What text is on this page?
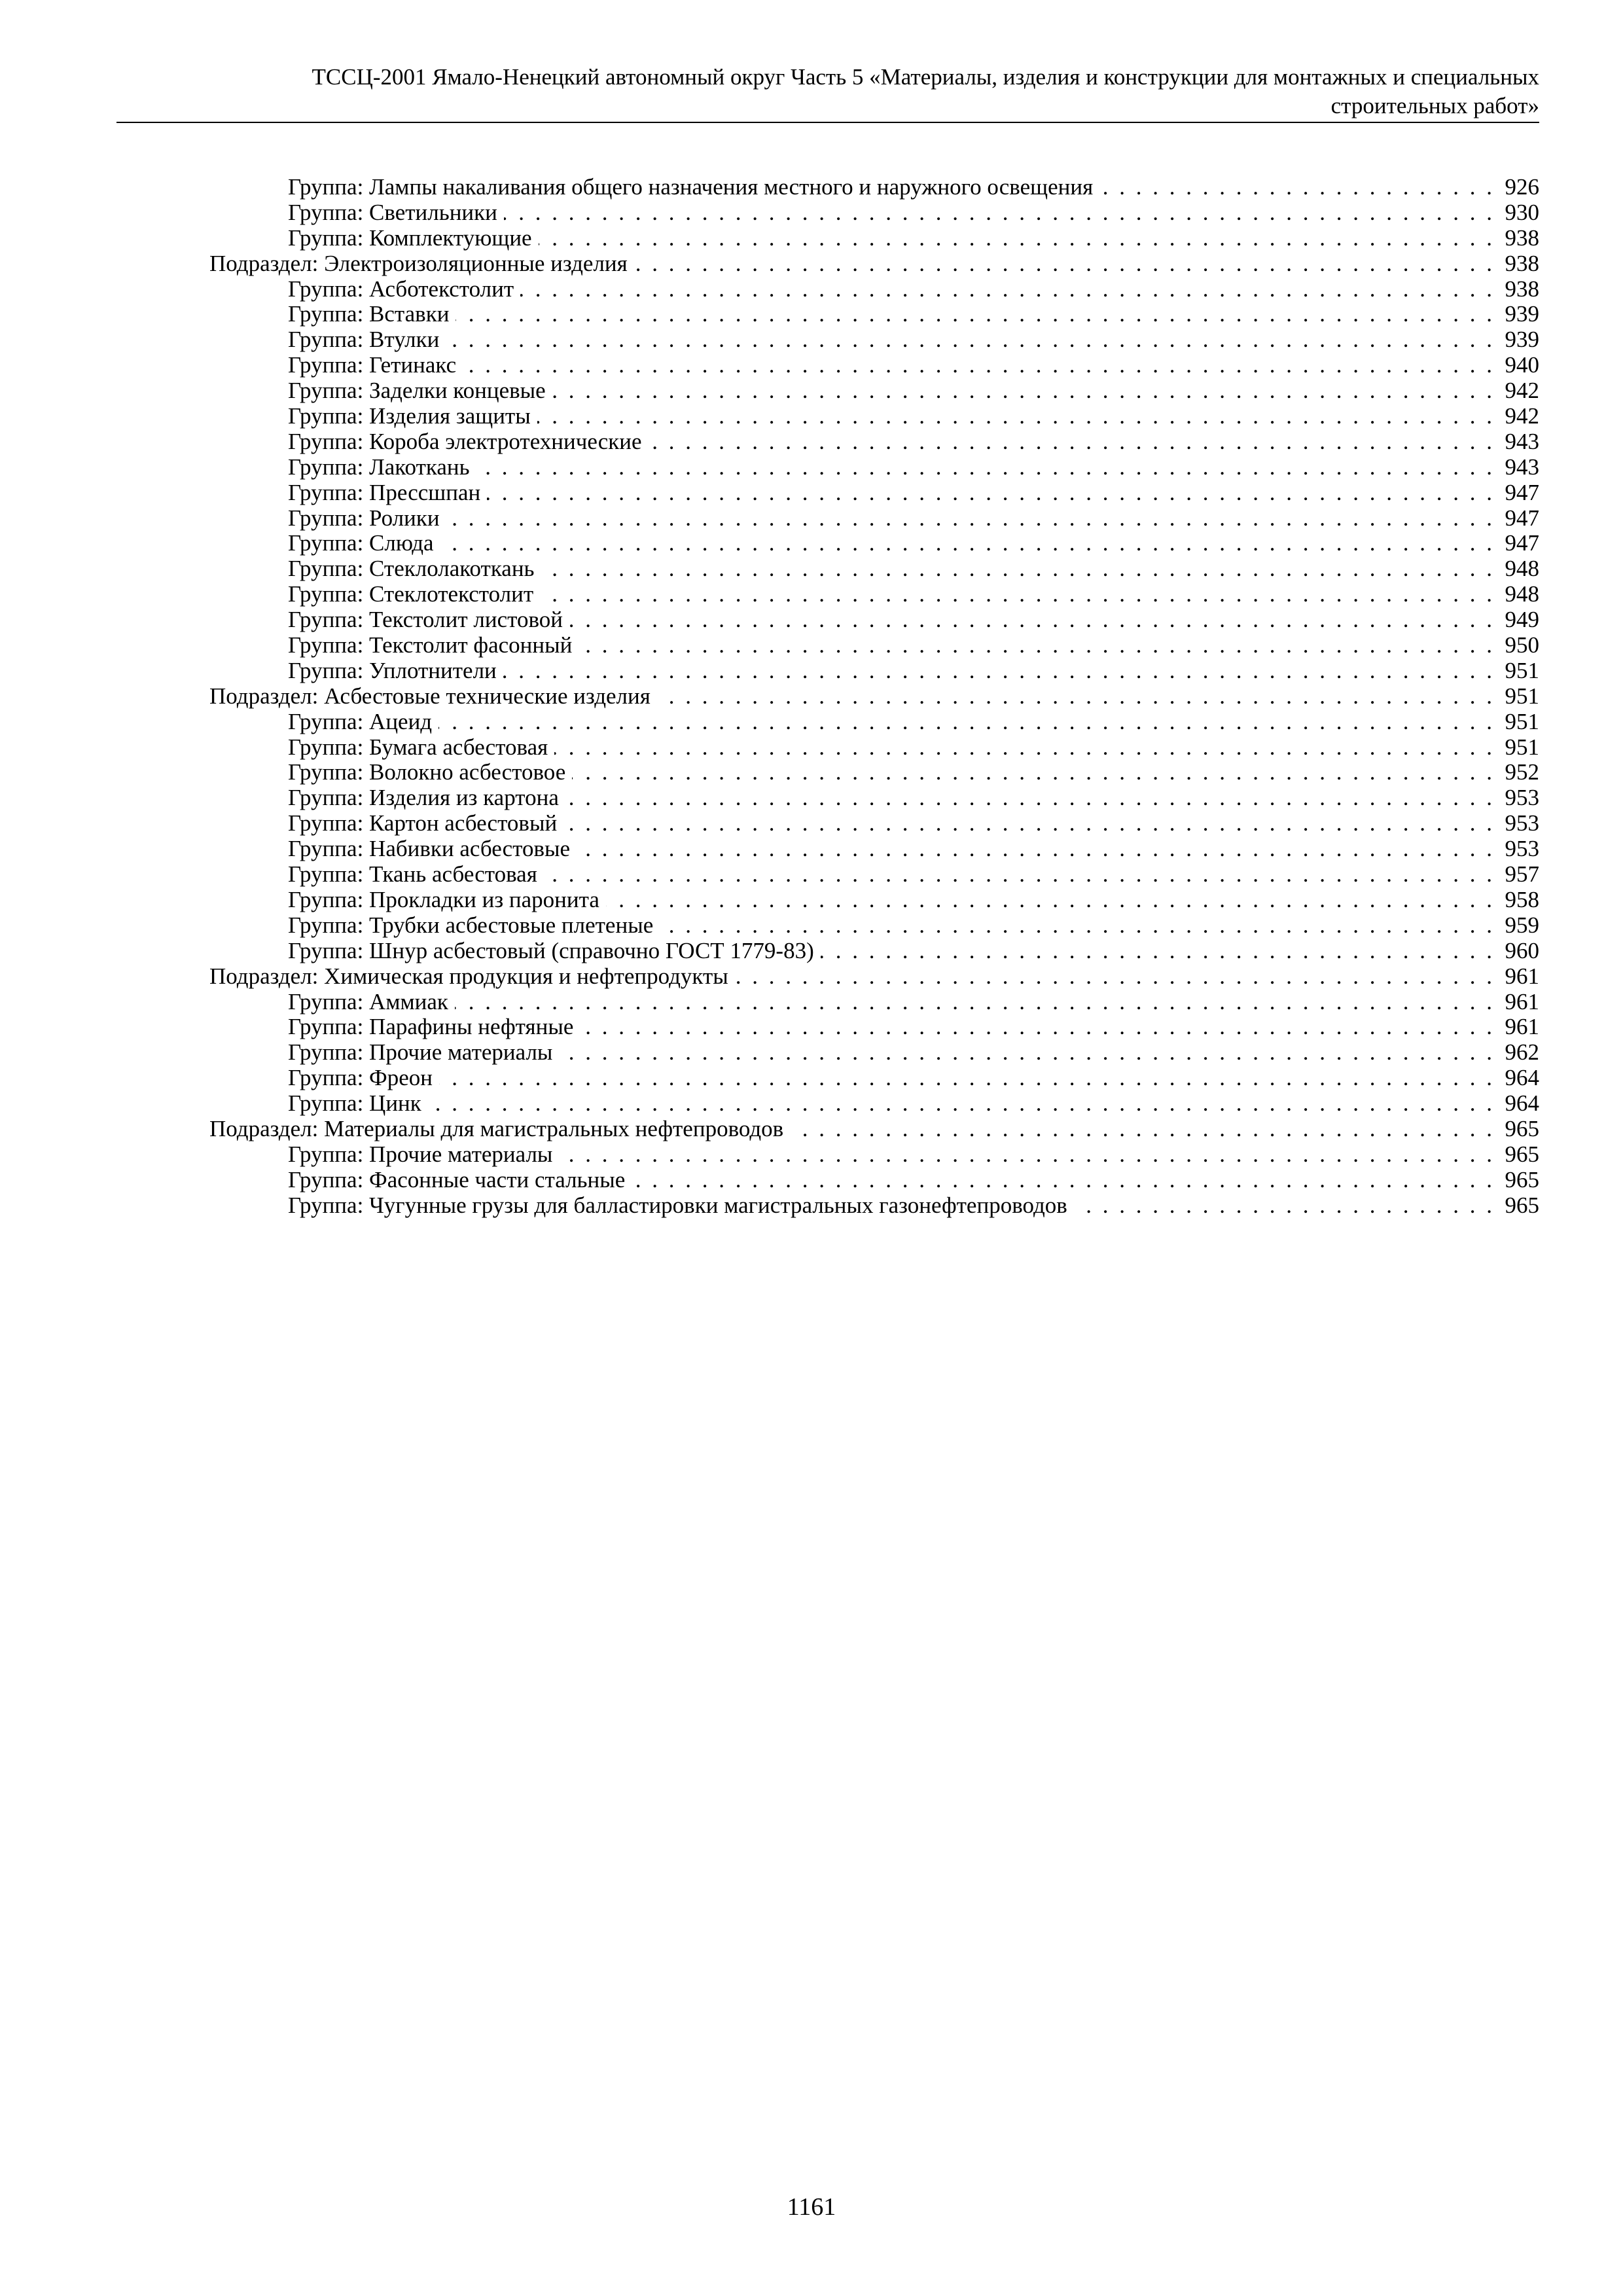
ТССЦ-2001 Ямало-Ненецкий автономный округ Часть 5 «Материалы, изделия и конструкции для монтажных и специальных
строительных работ»
Группа: Лампы накаливания общего назначения местного и наружного освещения . . .	926
Группа: Светильники . . .	930
Группа: Комплектующие . . .	938
Подраздел: Электроизоляционные изделия . . .	938
Группа: Асботекстолит . . .	938
Группа: Вставки . . .	939
Группа: Втулки . . .	939
Группа: Гетинакс . . .	940
Группа: Заделки концевые . . .	942
Группа: Изделия защиты . . .	942
Группа: Короба электротехнические . . .	943
Группа: Лакоткань . . .	943
Группа: Прессшпан . . .	947
Группа: Ролики . . .	947
Группа: Слюда . . .	947
Группа: Стеклолакоткань . . .	948
Группа: Стеклотекстолит . . .	948
Группа: Текстолит листовой . . .	949
Группа: Текстолит фасонный . . .	950
Группа: Уплотнители . . .	951
Подраздел: Асбестовые технические изделия . . .	951
Группа: Ацеид . . .	951
Группа: Бумага асбестовая . . .	951
Группа: Волокно асбестовое . . .	952
Группа: Изделия из картона . . .	953
Группа: Картон асбестовый . . .	953
Группа: Набивки асбестовые . . .	953
Группа: Ткань асбестовая . . .	957
Группа: Прокладки из паронита . . .	958
Группа: Трубки асбестовые плетеные . . .	959
Группа: Шнур асбестовый (справочно ГОСТ 1779-83) . . .	960
Подраздел: Химическая продукция и нефтепродукты . . .	961
Группа: Аммиак . . .	961
Группа: Парафины нефтяные . . .	961
Группа: Прочие материалы . . .	962
Группа: Фреон . . .	964
Группа: Цинк . . .	964
Подраздел: Материалы для магистральных нефтепроводов . . .	965
Группа: Прочие материалы . . .	965
Группа: Фасонные части стальные . . .	965
Группа: Чугунные грузы для балластировки магистральных газонефтепроводов . . .	965
1161
